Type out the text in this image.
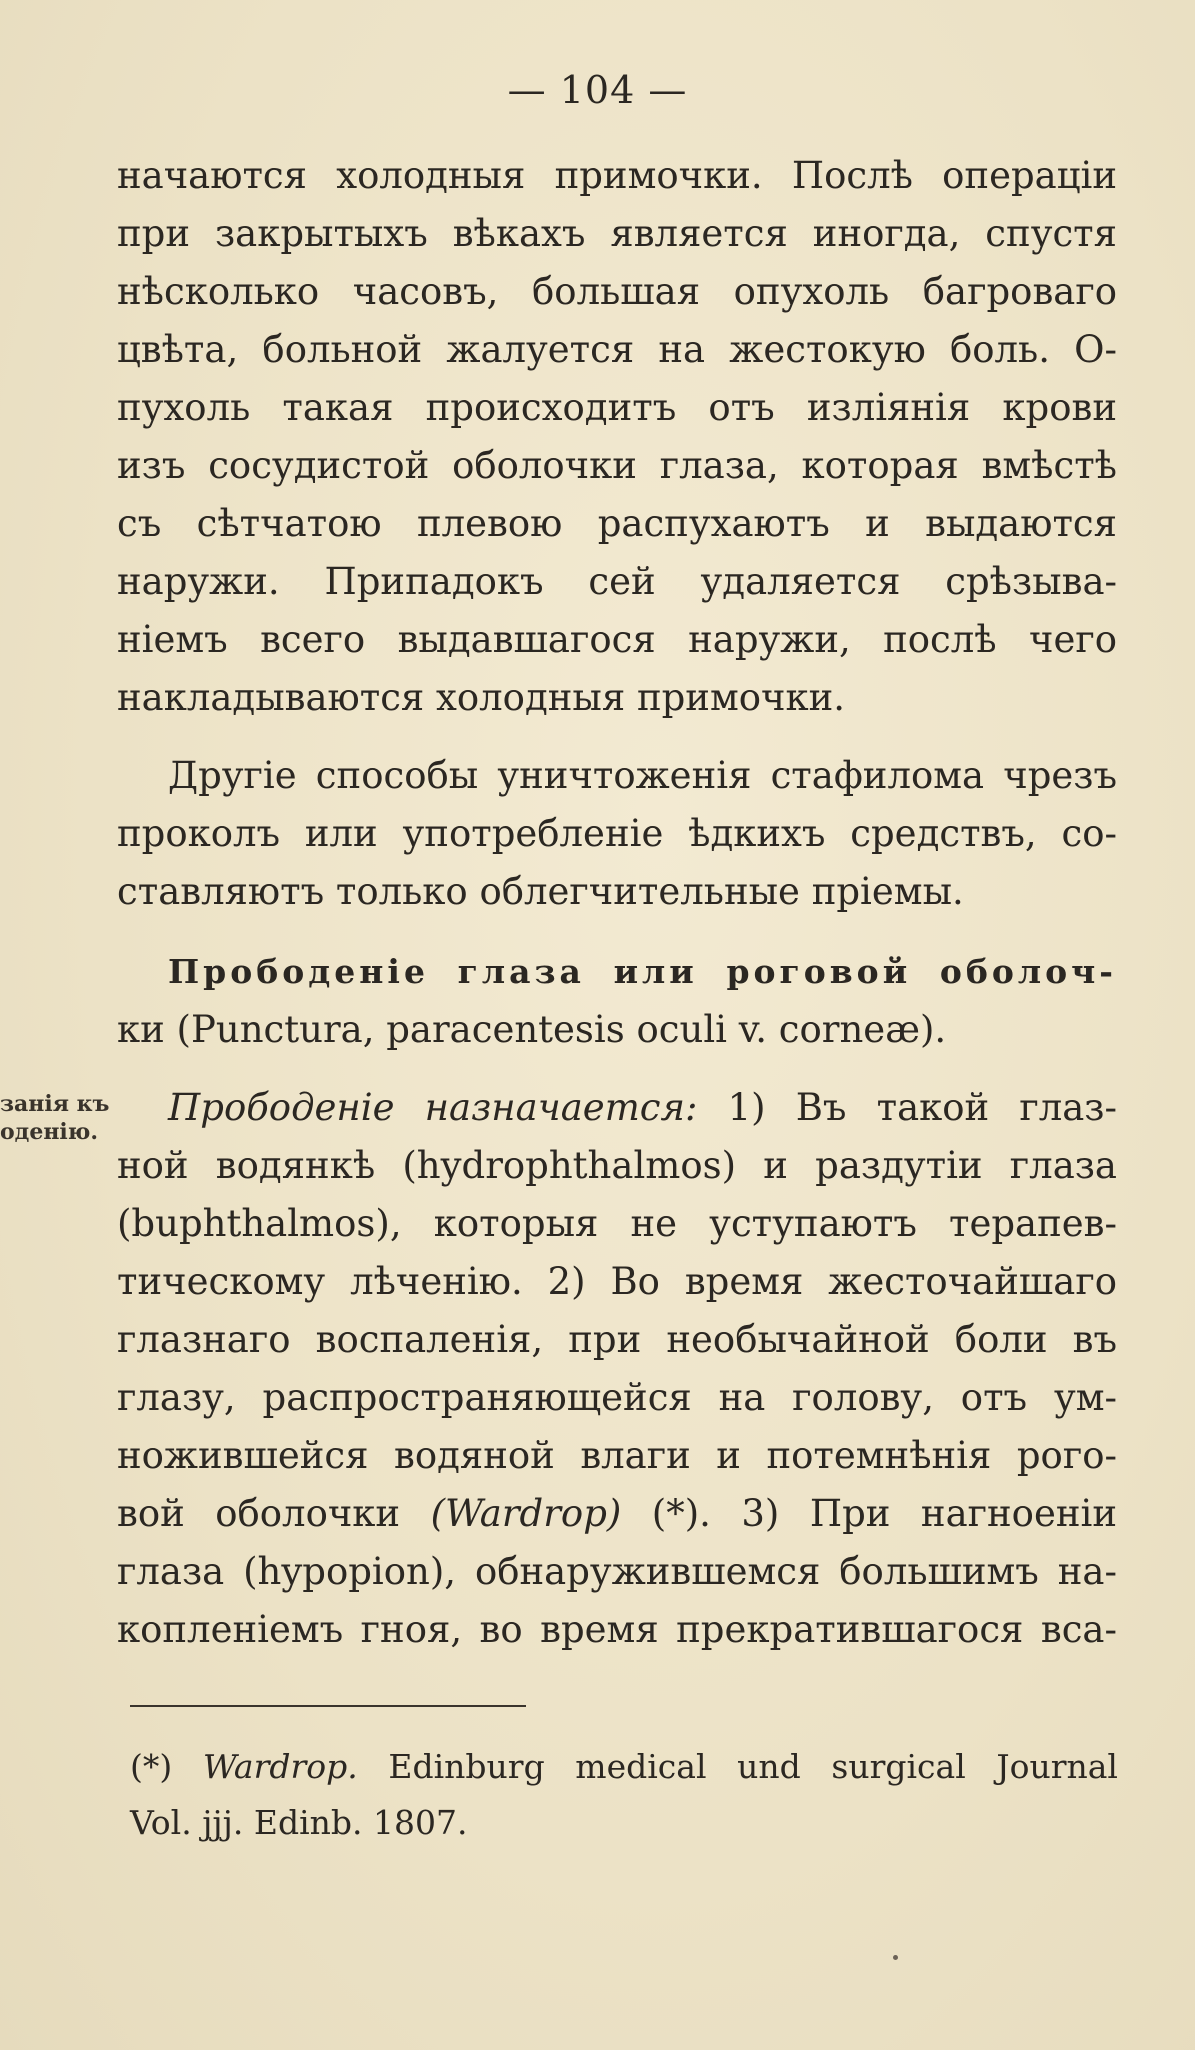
— 104 —
начаются холодныя примочки. Послѣ операціи
при закрытыхъ вѣкахъ является иногда, спустя
нѣсколько часовъ, большая опухоль багроваго
цвѣта, больной жалуется на жестокую боль. О-
пухоль такая происходитъ отъ изліянія крови
изъ сосудистой оболочки глаза, которая вмѣстѣ
съ сѣтчатою плевою распухаютъ и выдаются
наружи. Припадокъ сей удаляется срѣзыва-
ніемъ всего выдавшагося наружи, послѣ чего
накладываются холодныя примочки.
Другіе способы уничтоженія стафилома чрезъ
проколъ или употребленіе ѣдкихъ средствъ, со-
ставляютъ только облегчительные пріемы.
Прободеніе глаза или роговой оболоч-
ки (Punctura, paracentesis oculi v. corneæ).
занія къ
оденію.
Прободеніе назначается: 1) Въ такой глаз-
ной водянкѣ (hydrophthalmos) и раздутіи глаза
(buphthalmos), которыя не уступаютъ терапев-
тическому лѣченію. 2) Во время жесточайшаго
глазнаго воспаленія, при необычайной боли въ
глазу, распространяющейся на голову, отъ ум-
ножившейся водяной влаги и потемнѣнія рого-
вой оболочки (Wardrop) (*). 3) При нагноеніи
глаза (hypopion), обнаружившемся большимъ на-
копленіемъ гноя, во время прекратившагося вса-
(*) Wardrop. Edinburg medical und surgical Journal
Vol. jjj. Edinb. 1807.
